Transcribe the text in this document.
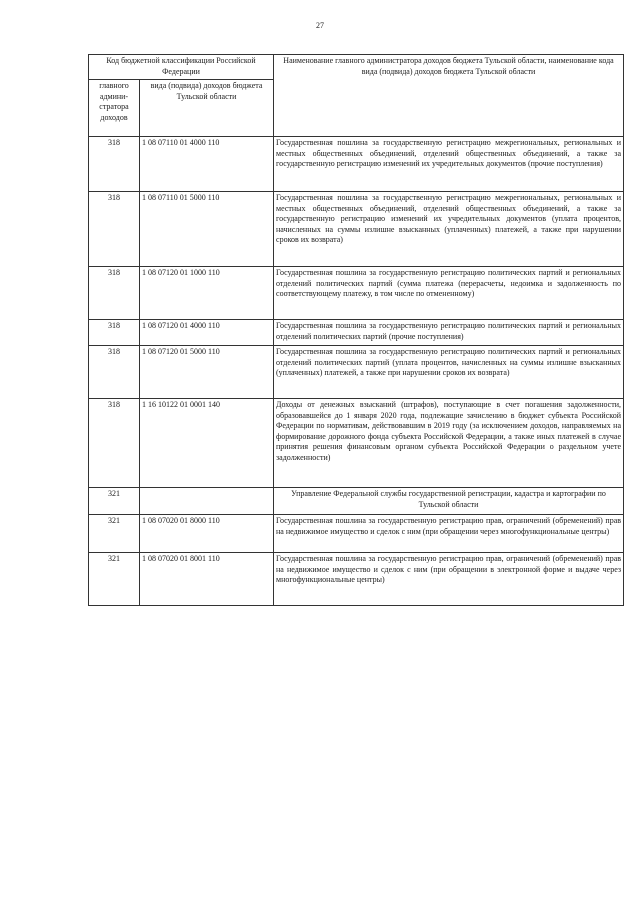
27
Код бюджетной классификации Российской Федерации		Наименование главного администратора доходов бюджета Тульской области, наименование кода вида (подвида) доходов бюджета Тульской области
главного админи-стратора доходов	вида (подвида) доходов бюджета Тульской области	
318	1 08 07110 01 4000 110	Государственная пошлина за государственную регистрацию межрегиональных, региональных и местных общественных объединений, отделений общественных объединений, а также за государственную регистрацию изменений их учредительных документов (прочие поступления)
318	1 08 07110 01 5000 110	Государственная пошлина за государственную регистрацию межрегиональных, региональных и местных общественных объединений, отделений общественных объединений, а также за государственную регистрацию изменений их учредительных документов (уплата процентов, начисленных на суммы излишне взысканных (уплаченных) платежей, а также при нарушении сроков их возврата)
318	1 08 07120 01 1000 110	Государственная пошлина за государственную регистрацию политических партий и региональных отделений политических партий (сумма платежа (перерасчеты, недоимка и задолженность по соответствующему платежу, в том числе по отмененному)
318	1 08 07120 01 4000 110	Государственная пошлина за государственную регистрацию политических партий и региональных отделений политических партий (прочие поступления)
318	1 08 07120 01 5000 110	Государственная пошлина за государственную регистрацию политических партий и региональных отделений политических партий (уплата процентов, начисленных на суммы излишне взысканных (уплаченных) платежей, а также при нарушении сроков их возврата)
318	1 16 10122 01 0001 140	Доходы от денежных взысканий (штрафов), поступающие в счет погашения задолженности, образовавшейся до 1 января 2020 года, подлежащие зачислению в бюджет субъекта Российской Федерации по нормативам, действовавшим в 2019 году (за исключением доходов, направляемых на формирование дорожного фонда субъекта Российской Федерации, а также иных платежей в случае принятия решения финансовым органом субъекта Российской Федерации о раздельном учете задолженности)
321		Управление Федеральной службы государственной регистрации, кадастра и картографии по Тульской области
321	1 08 07020 01 8000 110	Государственная пошлина за государственную регистрацию прав, ограничений (обременений) прав на недвижимое имущество и сделок с ним (при обращении через многофункциональные центры)
321	1 08 07020 01 8001 110	Государственная пошлина за государственную регистрацию прав, ограничений (обременений) прав на недвижимое имущество и сделок с ним (при обращении в электронной форме и выдаче через многофункциональные центры)
